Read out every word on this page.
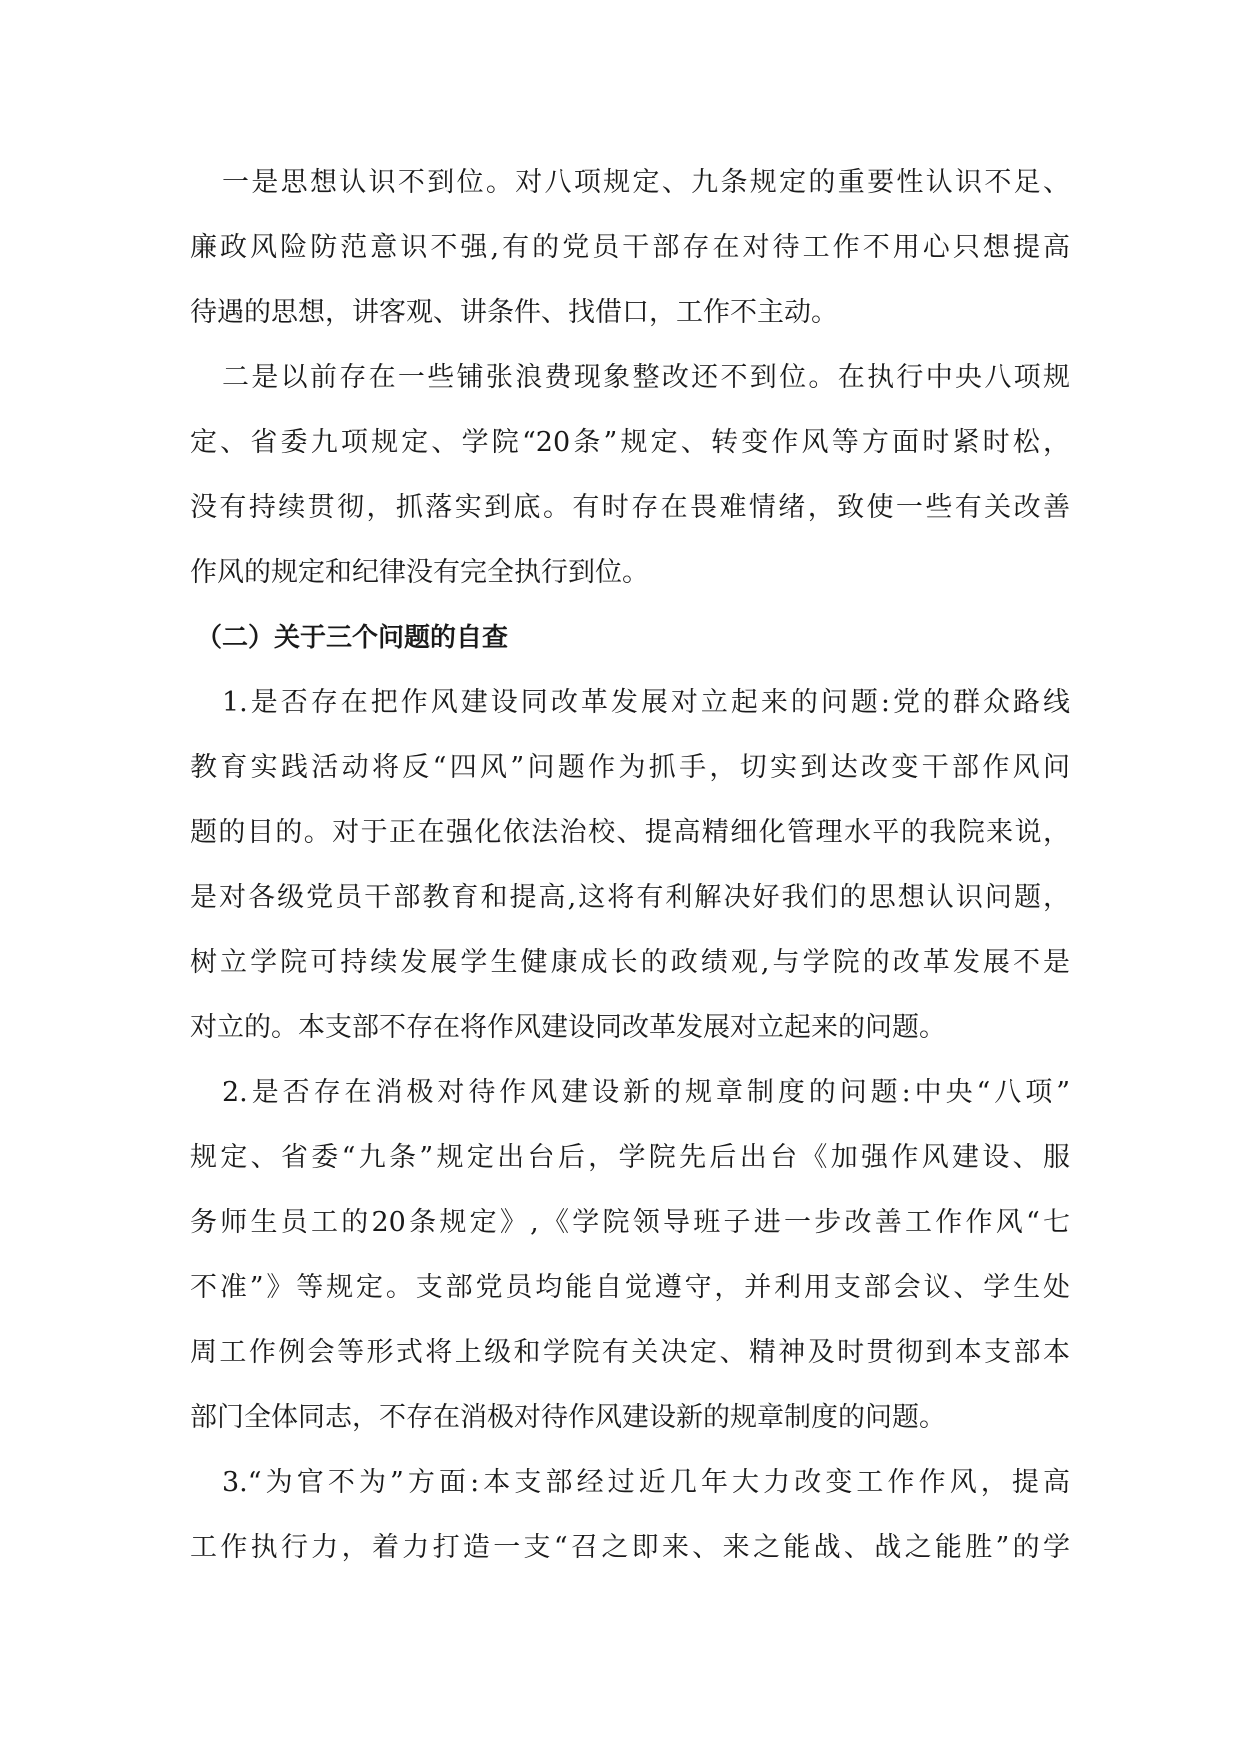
一是思想认识不到位。对八项规定、九条规定的重要性认识不足、
廉政风险防范意识不强,有的党员干部存在对待工作不用心只想提高
待遇的思想，讲客观、讲条件、找借口，工作不主动。
二是以前存在一些铺张浪费现象整改还不到位。在执行中央八项规
定、省委九项规定、学院“20条”规定、转变作风等方面时紧时松，
没有持续贯彻，抓落实到底。有时存在畏难情绪，致使一些有关改善
作风的规定和纪律没有完全执行到位。
（二）关于三个问题的自查
1.是否存在把作风建设同改革发展对立起来的问题:党的群众路线
教育实践活动将反“四风”问题作为抓手，切实到达改变干部作风问
题的目的。对于正在强化依法治校、提高精细化管理水平的我院来说，
是对各级党员干部教育和提高,这将有利解决好我们的思想认识问题，
树立学院可持续发展学生健康成长的政绩观,与学院的改革发展不是
对立的。本支部不存在将作风建设同改革发展对立起来的问题。
2.是否存在消极对待作风建设新的规章制度的问题:中央“八项”
规定、省委“九条”规定出台后，学院先后出台《加强作风建设、服
务师生员工的20条规定》,《学院领导班子进一步改善工作作风“七
不准”》等规定。支部党员均能自觉遵守，并利用支部会议、学生处
周工作例会等形式将上级和学院有关决定、精神及时贯彻到本支部本
部门全体同志，不存在消极对待作风建设新的规章制度的问题。
3.“为官不为”方面:本支部经过近几年大力改变工作作风，提高
工作执行力，着力打造一支“召之即来、来之能战、战之能胜”的学
